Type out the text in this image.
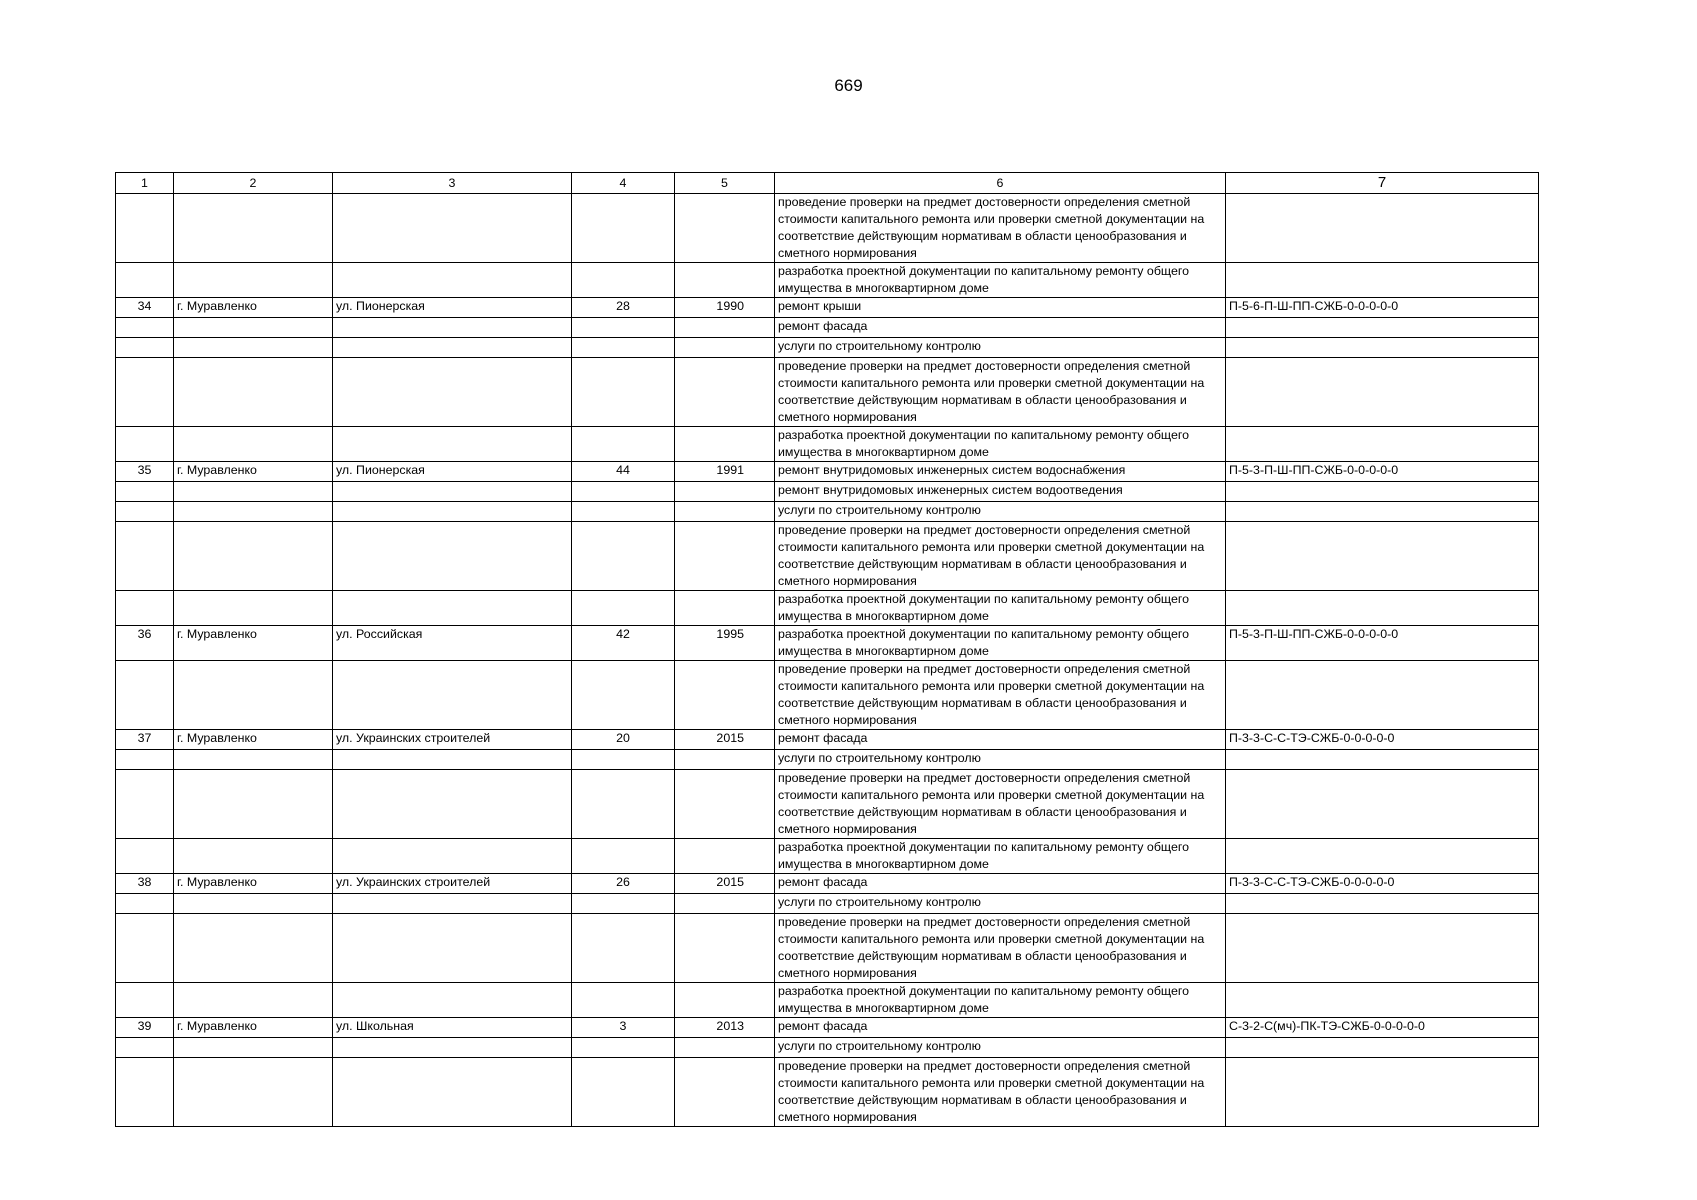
669
1	2	3	4	5	6	7
					проведение проверки на предмет достоверности определения сметной стоимости капитального ремонта или проверки сметной документации на соответствие действующим нормативам в области ценообразования и сметного нормирования	
					разработка проектной документации по капитальному ремонту общего имущества в многоквартирном доме	
34	г. Муравленко	ул. Пионерская	28	1990	ремонт крыши	П-5-6-П-Ш-ПП-СЖБ-0-0-0-0-0
					ремонт фасада	
					услуги по строительному контролю	
					проведение проверки на предмет достоверности определения сметной стоимости капитального ремонта или проверки сметной документации на соответствие действующим нормативам в области ценообразования и сметного нормирования	
					разработка проектной документации по капитальному ремонту общего имущества в многоквартирном доме	
35	г. Муравленко	ул. Пионерская	44	1991	ремонт внутридомовых инженерных систем водоснабжения	П-5-3-П-Ш-ПП-СЖБ-0-0-0-0-0
					ремонт внутридомовых инженерных систем водоотведения	
					услуги по строительному контролю	
					проведение проверки на предмет достоверности определения сметной стоимости капитального ремонта или проверки сметной документации на соответствие действующим нормативам в области ценообразования и сметного нормирования	
					разработка проектной документации по капитальному ремонту общего имущества в многоквартирном доме	
36	г. Муравленко	ул. Российская	42	1995	разработка проектной документации по капитальному ремонту общего имущества в многоквартирном доме	П-5-3-П-Ш-ПП-СЖБ-0-0-0-0-0
					проведение проверки на предмет достоверности определения сметной стоимости капитального ремонта или проверки сметной документации на соответствие действующим нормативам в области ценообразования и сметного нормирования	
37	г. Муравленко	ул. Украинских строителей	20	2015	ремонт фасада	П-3-3-С-С-ТЭ-СЖБ-0-0-0-0-0
					услуги по строительному контролю	
					проведение проверки на предмет достоверности определения сметной стоимости капитального ремонта или проверки сметной документации на соответствие действующим нормативам в области ценообразования и сметного нормирования	
					разработка проектной документации по капитальному ремонту общего имущества в многоквартирном доме	
38	г. Муравленко	ул. Украинских строителей	26	2015	ремонт фасада	П-3-3-С-С-ТЭ-СЖБ-0-0-0-0-0
					услуги по строительному контролю	
					проведение проверки на предмет достоверности определения сметной стоимости капитального ремонта или проверки сметной документации на соответствие действующим нормативам в области ценообразования и сметного нормирования	
					разработка проектной документации по капитальному ремонту общего имущества в многоквартирном доме	
39	г. Муравленко	ул. Школьная	3	2013	ремонт фасада	С-3-2-С(мч)-ПК-ТЭ-СЖБ-0-0-0-0-0
					услуги по строительному контролю	
					проведение проверки на предмет достоверности определения сметной стоимости капитального ремонта или проверки сметной документации на соответствие действующим нормативам в области ценообразования и сметного нормирования	
